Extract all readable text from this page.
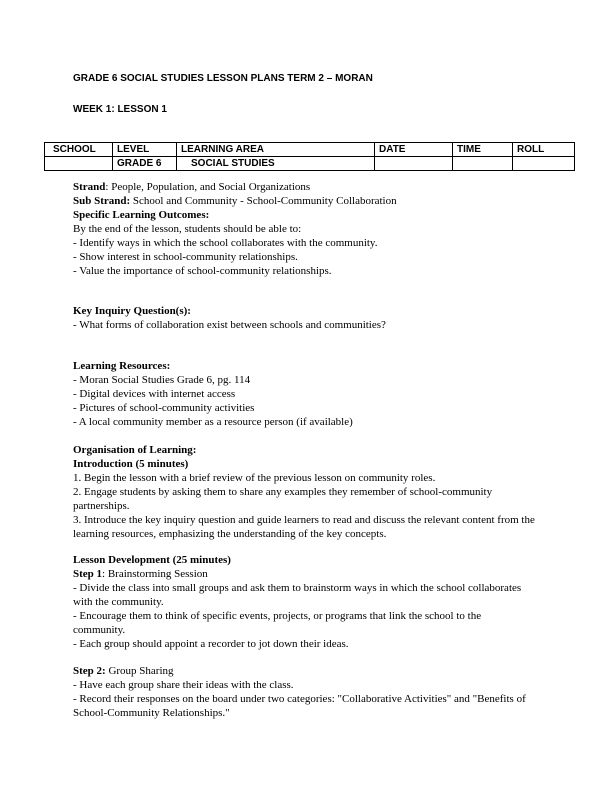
GRADE 6 SOCIAL STUDIES LESSON PLANS TERM 2 – MORAN
WEEK 1: LESSON 1
SCHOOL	LEVEL	LEARNING AREA	DATE	TIME	ROLL
	GRADE 6	SOCIAL STUDIES			
Strand: People, Population, and Social Organizations
Sub Strand: School and Community - School-Community Collaboration
Specific Learning Outcomes:
By the end of the lesson, students should be able to:
- Identify ways in which the school collaborates with the community.
- Show interest in school-community relationships.
- Value the importance of school-community relationships.
Key Inquiry Question(s):
- What forms of collaboration exist between schools and communities?
Learning Resources:
- Moran Social Studies Grade 6, pg. 114
- Digital devices with internet access
- Pictures of school-community activities
- A local community member as a resource person (if available)
Organisation of Learning:
Introduction (5 minutes)
1. Begin the lesson with a brief review of the previous lesson on community roles.
2. Engage students by asking them to share any examples they remember of school-community partnerships.
3. Introduce the key inquiry question and guide learners to read and discuss the relevant content from the learning resources, emphasizing the understanding of the key concepts.
Lesson Development (25 minutes)
Step 1: Brainstorming Session
- Divide the class into small groups and ask them to brainstorm ways in which the school collaborates with the community.
- Encourage them to think of specific events, projects, or programs that link the school to the community.
- Each group should appoint a recorder to jot down their ideas.
Step 2: Group Sharing
- Have each group share their ideas with the class.
- Record their responses on the board under two categories: "Collaborative Activities" and "Benefits of School-Community Relationships."
